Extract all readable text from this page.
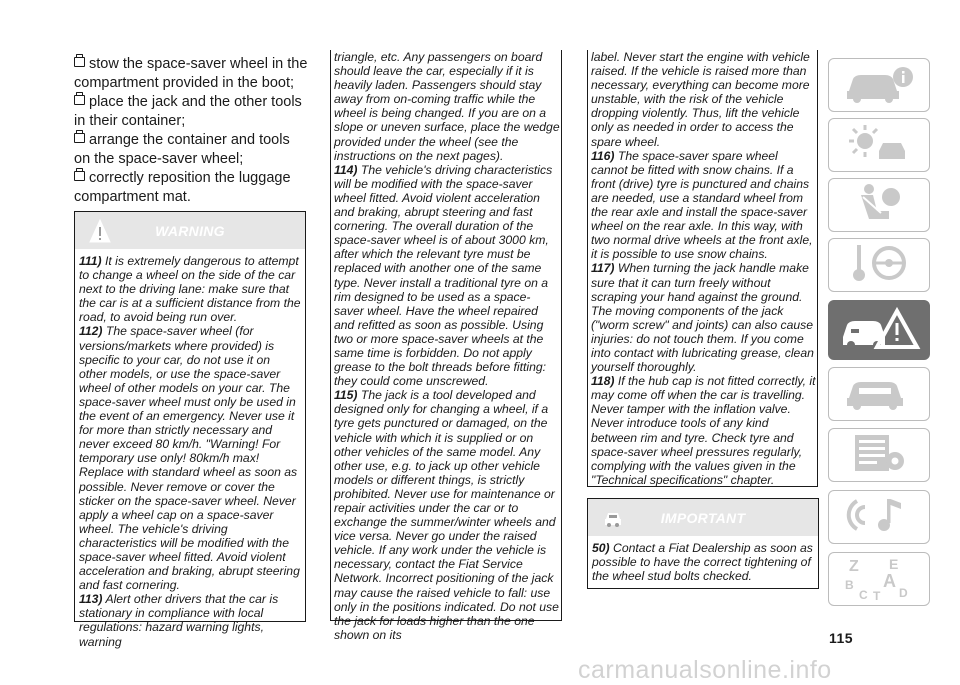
stow the space-saver wheel in the compartment provided in the boot;

place the jack and the other tools in their container;

arrange the container and tools on the space-saver wheel;

correctly reposition the luggage compartment mat.

WARNING

111) It is extremely dangerous to attempt to change a wheel on the side of the car next to the driving lane: make sure that the car is at a sufficient distance from the road, to avoid being run over.

112) The space-saver wheel (for versions/markets where provided) is specific to your car, do not use it on other models, or use the space-saver wheel of other models on your car. The space-saver wheel must only be used in the event of an emergency. Never use it for more than strictly necessary and never exceed 80 km/h. "Warning! For temporary use only! 80km/h max! Replace with standard wheel as soon as possible. Never remove or cover the sticker on the space-saver wheel. Never apply a wheel cap on a space-saver wheel. The vehicle's driving characteristics will be modified with the space-saver wheel fitted. Avoid violent acceleration and braking, abrupt steering and fast cornering.

113) Alert other drivers that the car is stationary in compliance with local regulations: hazard warning lights, warning

triangle, etc. Any passengers on board should leave the car, especially if it is heavily laden. Passengers should stay away from on-coming traffic while the wheel is being changed. If you are on a slope or uneven surface, place the wedge provided under the wheel (see the instructions on the next pages).

114) The vehicle's driving characteristics will be modified with the space-saver wheel fitted. Avoid violent acceleration and braking, abrupt steering and fast cornering. The overall duration of the space-saver wheel is of about 3000 km, after which the relevant tyre must be replaced with another one of the same type. Never install a traditional tyre on a rim designed to be used as a space-saver wheel. Have the wheel repaired and refitted as soon as possible. Using two or more space-saver wheels at the same time is forbidden. Do not apply grease to the bolt threads before fitting: they could come unscrewed.

115) The jack is a tool developed and designed only for changing a wheel, if a tyre gets punctured or damaged, on the vehicle with which it is supplied or on other vehicles of the same model. Any other use, e.g. to jack up other vehicle models or different things, is strictly prohibited. Never use for maintenance or repair activities under the car or to exchange the summer/winter wheels and vice versa. Never go under the raised vehicle. If any work under the vehicle is necessary, contact the Fiat Service Network. Incorrect positioning of the jack may cause the raised vehicle to fall: use only in the positions indicated. Do not use the jack for loads higher than the one shown on its

label. Never start the engine with vehicle raised. If the vehicle is raised more than necessary, everything can become more unstable, with the risk of the vehicle dropping violently. Thus, lift the vehicle only as needed in order to access the spare wheel.

116) The space-saver spare wheel cannot be fitted with snow chains. If a front (drive) tyre is punctured and chains are needed, use a standard wheel from the rear axle and install the space-saver wheel on the rear axle. In this way, with two normal drive wheels at the front axle, it is possible to use snow chains.

117) When turning the jack handle make sure that it can turn freely without scraping your hand against the ground. The moving components of the jack ("worm screw" and joints) can also cause injuries: do not touch them. If you come into contact with lubricating grease, clean yourself thoroughly.

118) If the hub cap is not fitted correctly, it may come off when the car is travelling. Never tamper with the inflation valve. Never introduce tools of any kind between rim and tyre. Check tyre and space-saver wheel pressures regularly, complying with the values given in the "Technical specifications" chapter.

IMPORTANT

50) Contact a Fiat Dealership as soon as possible to have the correct tightening of the wheel stud bolts checked.

Z E
B A
C	D
T
115
carmanualsonline.info
